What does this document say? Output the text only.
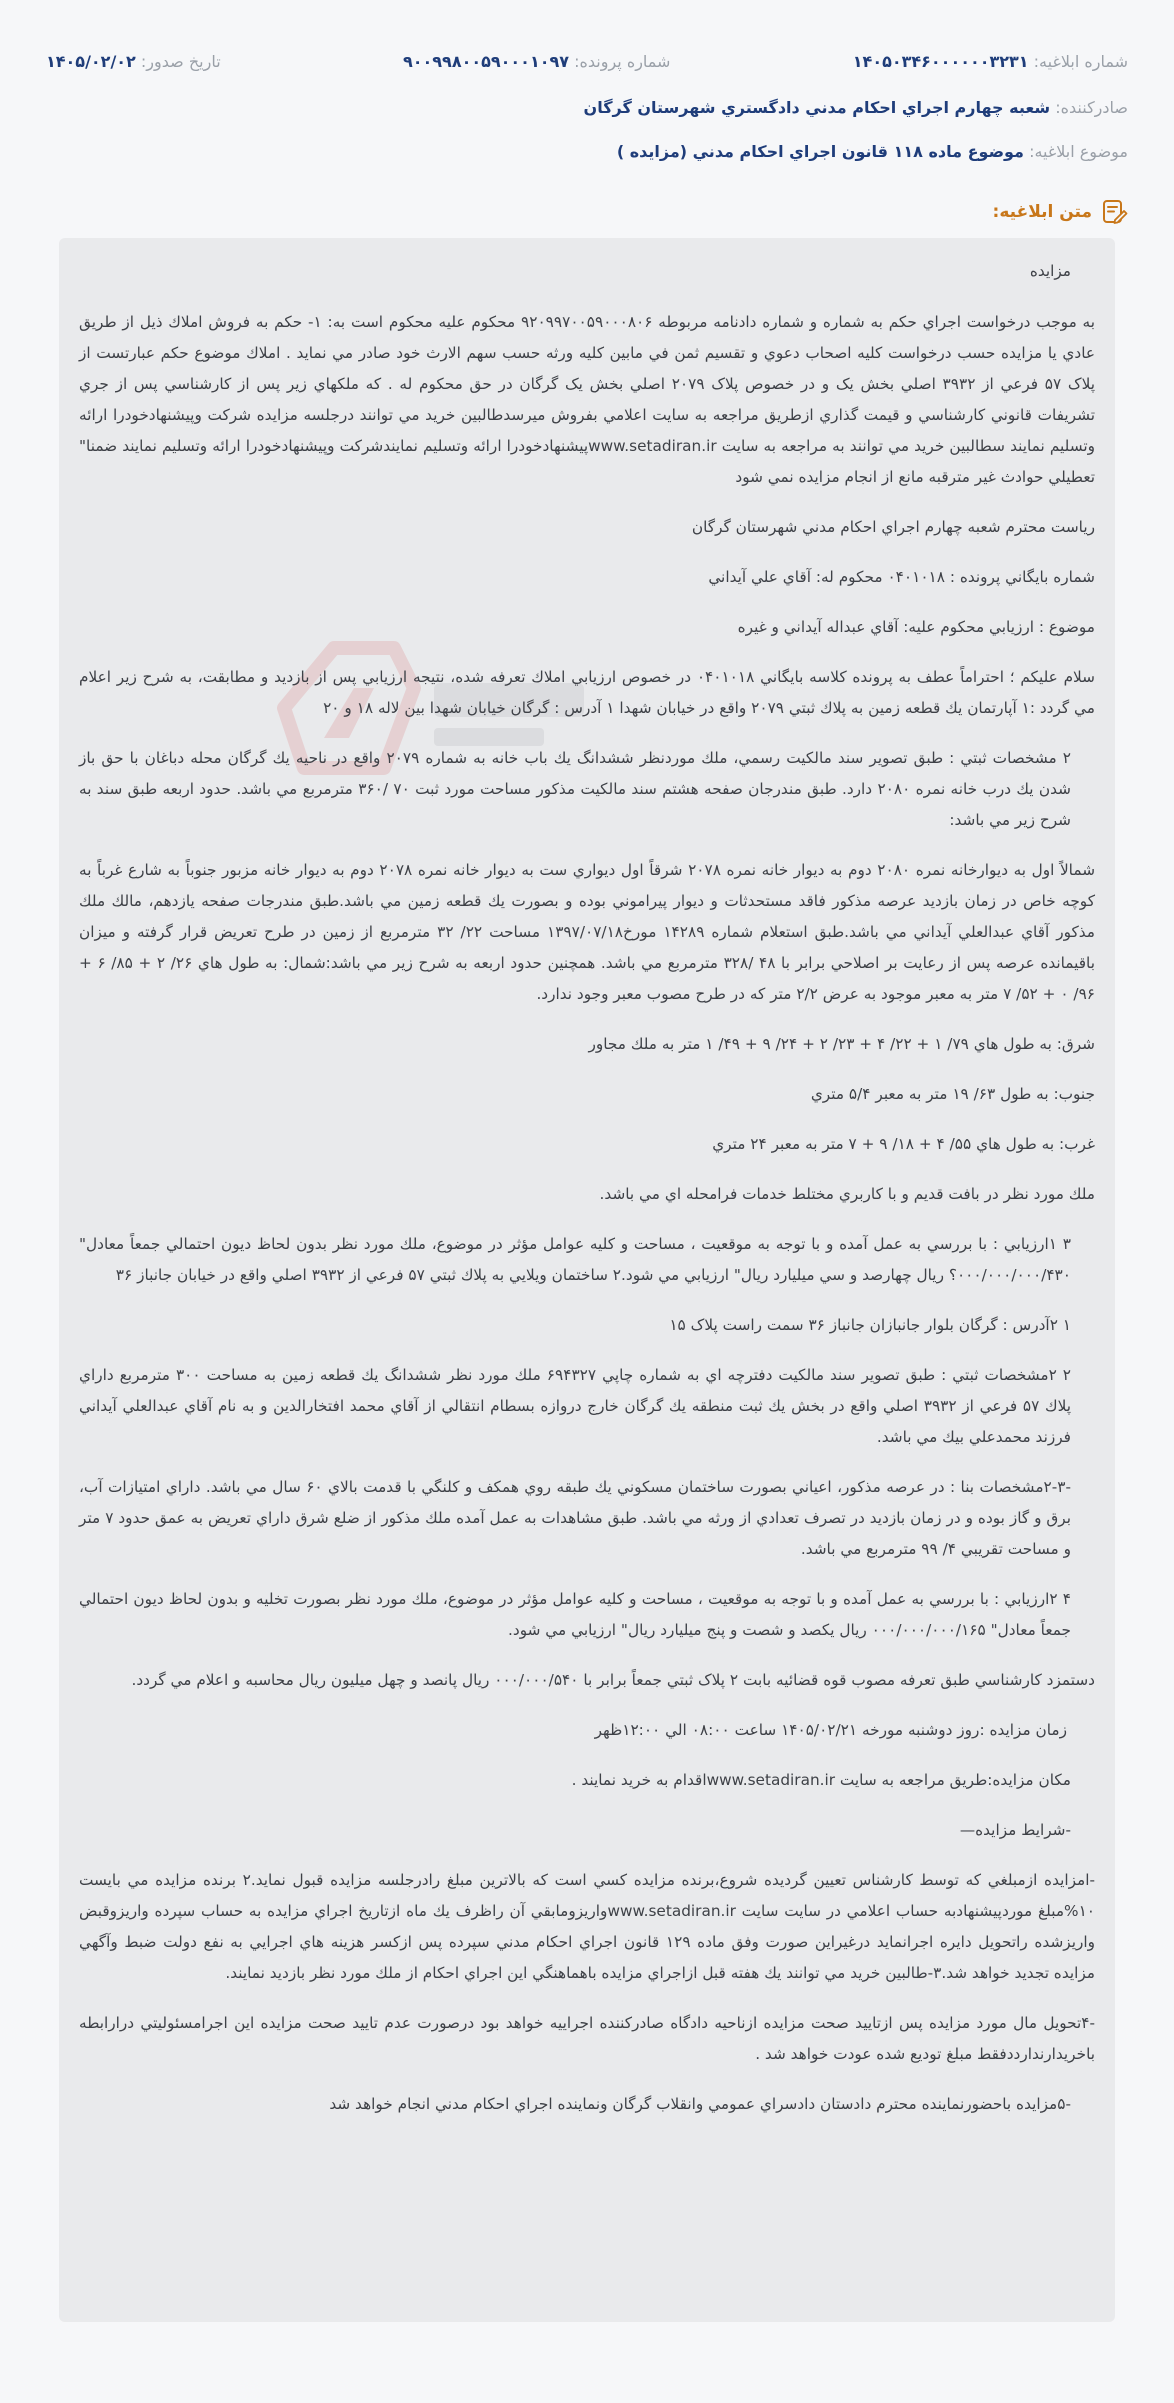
شماره ابلاغيه: ۱۴۰۵۰۳۴۶۰۰۰۰۰۰۳۲۳۱
شماره پرونده: ۹۰۰۹۹۸۰۰۵۹۰۰۰۱۰۹۷
تاريخ صدور: ۱۴۰۵/۰۲/۰۲
صادركننده: شعبه چهارم اجراي احكام مدني دادگستري شهرستان گرگان
موضوع ابلاغيه: موضوع ماده ۱۱۸ قانون اجراي احكام مدني (مزايده )
متن ابلاغيه:

مزايده

به موجب درخواست اجراي حكم به شماره و شماره دادنامه مربوطه ۹۲۰۹۹۷۰۰۵۹۰۰۰۸۰۶ محكوم عليه محكوم است به: ۱- حكم به فروش املاك ذيل از طريق عادي يا مزايده حسب درخواست كليه اصحاب دعوي و تقسيم ثمن في مابين كليه ورثه حسب سهم الارث خود صادر مي نمايد . املاك موضوع حكم عبارتست از پلاک ۵۷ فرعي از ۳۹۳۲ اصلي بخش يک و در خصوص پلاک ۲۰۷۹ اصلي بخش يک گرگان در حق محكوم له . که ملكهاي زير پس از كارشناسي پس از جري تشريفات قانوني كارشناسي و قيمت گذاري ازطريق مراجعه به سايت اعلامي بفروش ميرسدطالبين خريد مي توانند درجلسه مزايده شركت وپيشنهادخودرا ارائه وتسليم نمايند سطالبين خريد مي توانند به مراجعه به سايت www.setadiran.irپيشنهادخودرا ارائه وتسليم نمايندشركت وپيشنهادخودرا ارائه وتسليم نمايند ضمنا" تعطيلي حوادث غير مترقبه مانع از انجام مزايده نمي شود

رياست محترم شعبه چهارم اجراي احكام مدني شهرستان گرگان

شماره بايگاني پرونده : ۰۴۰۱۰۱۸ محكوم له: آقاي علي آيداني

موضوع : ارزيابي محكوم عليه: آقاي عبداله آيداني و غيره

سلام عليكم ؛ احتراماً عطف به پرونده كلاسه بايگاني ۰۴۰۱۰۱۸ در خصوص ارزيابي املاك تعرفه شده، نتيجه ارزيابي پس از بازديد و مطابقت، به شرح زير اعلام مي گردد :۱ آپارتمان يك قطعه زمين به پلاك ثبتي ۲۰۷۹ واقع در خيابان شهدا ۱ آدرس : گرگان خيابان شهدا بين لاله ۱۸ و ۲۰

۲ مشخصات ثبتي : طبق تصوير سند مالكيت رسمي، ملك موردنظر ششدانگ يك باب خانه به شماره ۲۰۷۹ واقع در ناحيه يك گرگان محله دباغان با حق باز شدن يك درب خانه نمره ۲۰۸۰ دارد. طبق مندرجان صفحه هشتم سند مالكيت مذكور مساحت مورد ثبت ۷۰ /۳۶۰ مترمربع مي باشد. حدود اربعه طبق سند به شرح زير مي باشد:

شمالاً اول به ديوارخانه نمره ۲۰۸۰ دوم به ديوار خانه نمره ۲۰۷۸ شرقاً اول ديواري ست به ديوار خانه نمره ۲۰۷۸ دوم به ديوار خانه مزبور جنوباً به شارع غرباً به كوچه خاص در زمان بازديد عرصه مذكور فاقد مستحدثات و ديوار پيراموني بوده و بصورت يك قطعه زمين مي باشد.طبق مندرجات صفحه يازدهم، مالك ملك مذكور آقاي عبدالعلي آيداني مي باشد.طبق استعلام شماره ۱۴۲۸۹ مورخ۱۳۹۷/۰۷/۱۸ مساحت ۲۲/ ۳۲ مترمربع از زمين در طرح تعريض قرار گرفته و ميزان باقيمانده عرصه پس از رعايت بر اصلاحي برابر با ۴۸ /۳۲۸ مترمربع مي باشد. همچنين حدود اربعه به شرح زير مي باشد:شمال: به طول هاي ۲۶/ ۲ + ۸۵/ ۶ + ۹۶/ ۰ + ۵۲/ ۷ متر به معبر موجود به عرض ۲/۲ متر كه در طرح مصوب معبر وجود ندارد.

شرق: به طول هاي ۷۹/ ۱ + ۲۲/ ۴ + ۲۳/ ۲ + ۲۴/ ۹ + ۴۹/ ۱ متر به ملك مجاور

جنوب: به طول ۶۳/ ۱۹ متر به معبر ۵/۴ متري

غرب: به طول هاي ۵۵/ ۴ + ۱۸/ ۹ + ۷ متر به معبر ۲۴ متري

ملك مورد نظر در بافت قديم و با كاربري مختلط خدمات فرامحله اي مي باشد.

۳ ۱ارزيابي : با بررسي به عمل آمده و با توجه به موقعيت ، مساحت و كليه عوامل مؤثر در موضوع، ملك مورد نظر بدون لحاظ ديون احتمالي جمعاً معادل" ۰۰۰/۰۰۰/۰۰۰/۴۳۰؟ ريال چهارصد و سي ميليارد ريال" ارزيابي مي شود.۲ ساختمان ويلايي به پلاك ثبتي ۵۷ فرعي از ۳۹۳۲ اصلي واقع در خيابان جانباز ۳۶

۱ ۲آدرس : گرگان بلوار جانبازان جانباز ۳۶ سمت راست پلاک ۱۵

۲ ۲مشخصات ثبتي : طبق تصوير سند مالكيت دفترچه اي به شماره چاپي ۶۹۴۳۲۷ ملك مورد نظر ششدانگ يك قطعه زمين به مساحت ۳۰۰ مترمربع داراي پلاك ۵۷ فرعي از ۳۹۳۲ اصلي واقع در بخش يك ثبت منطقه يك گرگان خارج دروازه بسطام انتقالي از آقاي محمد افتخارالدين و به نام آقاي عبدالعلي آيداني فرزند محمدعلي بيك مي باشد.

-۲-۳مشخصات بنا : در عرصه مذكور، اعياني بصورت ساختمان مسكوني يك طبقه روي همكف و كلنگي با قدمت بالاي ۶۰ سال مي باشد. داراي امتيازات آب، برق و گاز بوده و در زمان بازديد در تصرف تعدادي از ورثه مي باشد. طبق مشاهدات به عمل آمده ملك مذكور از ضلع شرق داراي تعريض به عمق حدود ۷ متر و مساحت تقريبي ۴/ ۹۹ مترمربع مي باشد.

۴ ۲ارزيابي : با بررسي به عمل آمده و با توجه به موقعيت ، مساحت و كليه عوامل مؤثر در موضوع، ملك مورد نظر بصورت تخليه و بدون لحاظ ديون احتمالي جمعاً معادل" ۰۰۰/۰۰۰/۰۰۰/۱۶۵ ريال يكصد و شصت و پنج ميليارد ريال" ارزيابي مي شود.

دستمزد كارشناسي طبق تعرفه مصوب قوه قضائيه بابت ۲ پلاک ثبتي جمعاً برابر با ۰۰۰/۰۰۰/۵۴۰ ريال پانصد و چهل ميليون ريال محاسبه و اعلام مي گردد.

زمان مزايده :روز دوشنبه مورخه ۱۴۰۵/۰۲/۲۱ ساعت ۰۸:۰۰ الي ۱۲:۰۰ظهر

مكان مزايده:طريق مراجعه به سايت www.setadiran.irاقدام به خريد نمايند .

-شرايط مزايده—

-امزايده ازمبلغي كه توسط كارشناس تعيين گرديده شروع،برنده مزايده كسي است كه بالاترين مبلغ رادرجلسه مزايده قبول نمايد.۲ برنده مزايده مي بايست ۱۰%مبلغ موردپيشنهادبه حساب اعلامي در سايت سايت www.setadiran.irواريزوما‌بقي آن راظرف يك ماه ازتاريخ اجراي مزايده به حساب سپرده واريزوقبض واريزشده راتحويل دايره اجرانمايد درغيراين صورت وفق ماده ۱۲۹ قانون اجراي احكام مدني سپرده پس ازكسر هزينه هاي اجرايي به نفع دولت ضبط وآگهي مزايده تجديد خواهد شد.۳-طالبين خريد مي توانند يك هفته قبل ازاجراي مزايده باهماهنگي اين اجراي احكام از ملك مورد نظر بازديد نمايند.

-۴تحويل مال مورد مزايده پس ازتاييد صحت مزايده ازناحيه دادگاه صادركننده اجراييه خواهد بود درصورت عدم تاييد صحت مزايده اين اجرامسئوليتي درارابطه باخريدارندارددفقط مبلغ توديع شده عودت خواهد شد .

-۵مزايده باحضورنماينده محترم دادستان دادسراي عمومي وانقلاب گرگان ونماينده اجراي احكام مدني انجام خواهد شد
